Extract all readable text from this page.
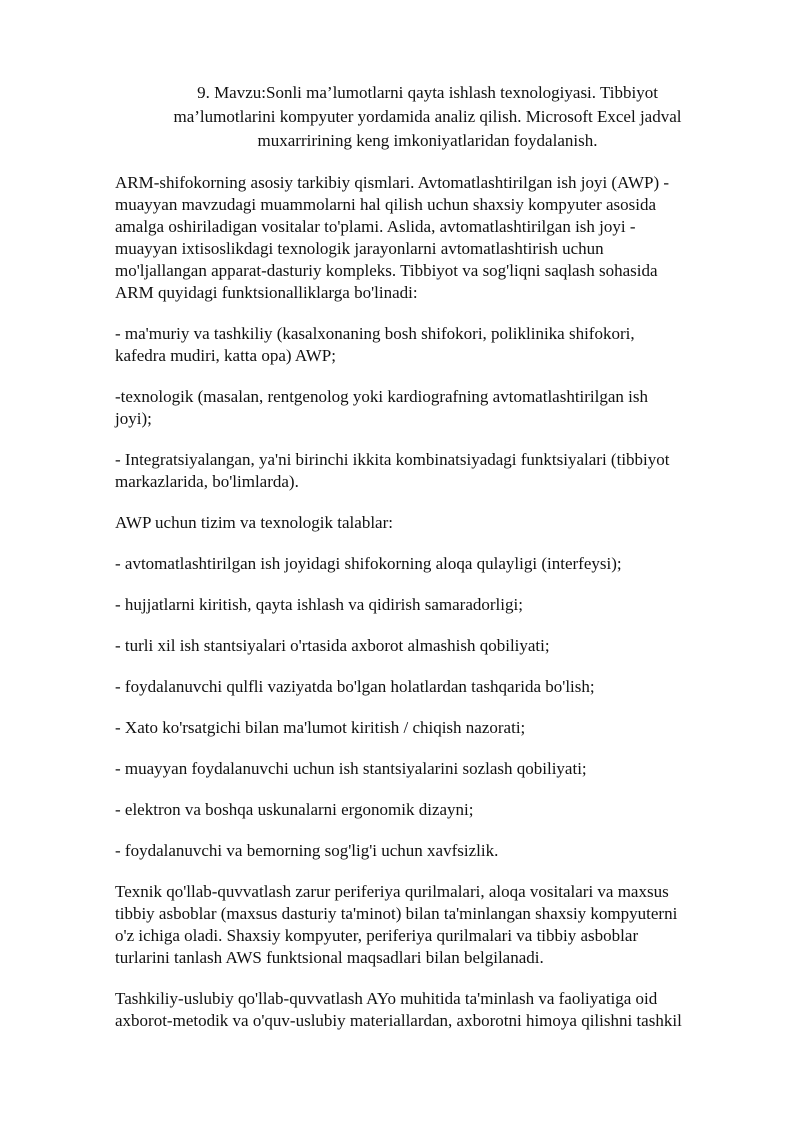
9. Mavzu:Sonli ma’lumotlarni qayta ishlash texnologiyasi. Tibbiyot
ma’lumotlarini kompyuter yordamida analiz qilish. Microsoft Excel jadval
muxarririning keng imkoniyatlaridan foydalanish.

ARM-shifokorning asosiy tarkibiy qismlari. Avtomatlashtirilgan ish joyi (AWP) -
muayyan mavzudagi muammolarni hal qilish uchun shaxsiy kompyuter asosida
amalga oshiriladigan vositalar to'plami. Aslida, avtomatlashtirilgan ish joyi -
muayyan ixtisoslikdagi texnologik jarayonlarni avtomatlashtirish uchun
mo'ljallangan apparat-dasturiy kompleks. Tibbiyot va sog'liqni saqlash sohasida
ARM quyidagi funktsionalliklarga bo'linadi:

- ma'muriy va tashkiliy (kasalxonaning bosh shifokori, poliklinika shifokori,
kafedra mudiri, katta opa) AWP;

-texnologik (masalan, rentgenolog yoki kardiografning avtomatlashtirilgan ish
joyi);

- Integratsiyalangan, ya'ni birinchi ikkita kombinatsiyadagi funktsiyalari (tibbiyot
markazlarida, bo'limlarda).

AWP uchun tizim va texnologik talablar:

- avtomatlashtirilgan ish joyidagi shifokorning aloqa qulayligi (interfeysi);

- hujjatlarni kiritish, qayta ishlash va qidirish samaradorligi;

- turli xil ish stantsiyalari o'rtasida axborot almashish qobiliyati;

- foydalanuvchi qulfli vaziyatda bo'lgan holatlardan tashqarida bo'lish;

- Xato ko'rsatgichi bilan ma'lumot kiritish / chiqish nazorati;

- muayyan foydalanuvchi uchun ish stantsiyalarini sozlash qobiliyati;

- elektron va boshqa uskunalarni ergonomik dizayni;

- foydalanuvchi va bemorning sog'lig'i uchun xavfsizlik.

Texnik qo'llab-quvvatlash zarur periferiya qurilmalari, aloqa vositalari va maxsus
tibbiy asboblar (maxsus dasturiy ta'minot) bilan ta'minlangan shaxsiy kompyuterni
o'z ichiga oladi. Shaxsiy kompyuter, periferiya qurilmalari va tibbiy asboblar
turlarini tanlash AWS funktsional maqsadlari bilan belgilanadi.

Tashkiliy-uslubiy qo'llab-quvvatlash AYo muhitida ta'minlash va faoliyatiga oid
axborot-metodik va o'quv-uslubiy materiallardan, axborotni himoya qilishni tashkil
